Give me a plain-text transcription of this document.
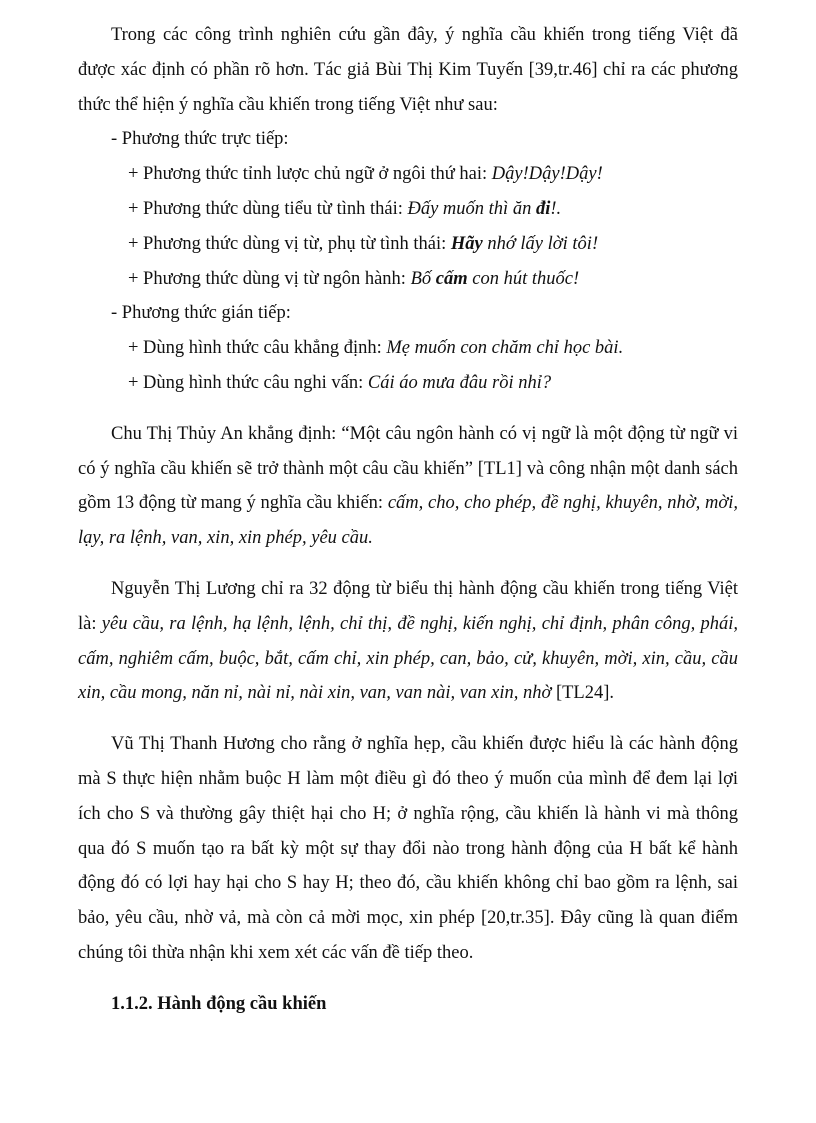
Trong các công trình nghiên cứu gần đây, ý nghĩa cầu khiến trong tiếng Việt đã được xác định có phần rõ hơn. Tác giả Bùi Thị Kim Tuyến [39,tr.46] chỉ ra các phương thức thể hiện ý nghĩa cầu khiến trong tiếng Việt như sau:

- Phương thức trực tiếp:

+ Phương thức tỉnh lược chủ ngữ ở ngôi thứ hai: Dậy!Dậy!Dậy!

+ Phương thức dùng tiểu từ tình thái: Đấy muốn thì ăn đi!.

+ Phương thức dùng vị từ, phụ từ tình thái: Hãy nhớ lấy lời tôi!

+ Phương thức dùng vị từ ngôn hành: Bố cấm con hút thuốc!

- Phương thức gián tiếp:

+ Dùng hình thức câu khẳng định: Mẹ muốn con chăm chỉ học bài.

+ Dùng hình thức câu nghi vấn: Cái áo mưa đâu rồi nhỉ?

Chu Thị Thủy An khẳng định: “Một câu ngôn hành có vị ngữ là một động từ ngữ vi có ý nghĩa cầu khiến sẽ trở thành một câu cầu khiến” [TL1] và công nhận một danh sách gồm 13 động từ mang ý nghĩa cầu khiến: cấm, cho, cho phép, đề nghị, khuyên, nhờ, mời, lạy, ra lệnh, van, xin, xin phép, yêu cầu.

Nguyễn Thị Lương chỉ ra 32 động từ biểu thị hành động cầu khiến trong tiếng Việt là: yêu cầu, ra lệnh, hạ lệnh, lệnh, chỉ thị, đề nghị, kiến nghị, chỉ định, phân công, phái, cấm, nghiêm cấm, buộc, bắt, cấm chỉ, xin phép, can, bảo, cử, khuyên, mời, xin, cầu, cầu xin, cầu mong, năn nỉ, nài nỉ, nài xin, van, van nài, van xin, nhờ [TL24].

Vũ Thị Thanh Hương cho rằng ở nghĩa hẹp, cầu khiến được hiểu là các hành động mà S thực hiện nhằm buộc H làm một điều gì đó theo ý muốn của mình để đem lại lợi ích cho S và thường gây thiệt hại cho H; ở nghĩa rộng, cầu khiến là hành vi mà thông qua đó S muốn tạo ra bất kỳ một sự thay đổi nào trong hành động của H bất kể hành động đó có lợi hay hại cho S hay H; theo đó, cầu khiến không chỉ bao gồm ra lệnh, sai bảo, yêu cầu, nhờ vả, mà còn cả mời mọc, xin phép [20,tr.35]. Đây cũng là quan điểm chúng tôi thừa nhận khi xem xét các vấn đề tiếp theo.

1.1.2. Hành động cầu khiến
